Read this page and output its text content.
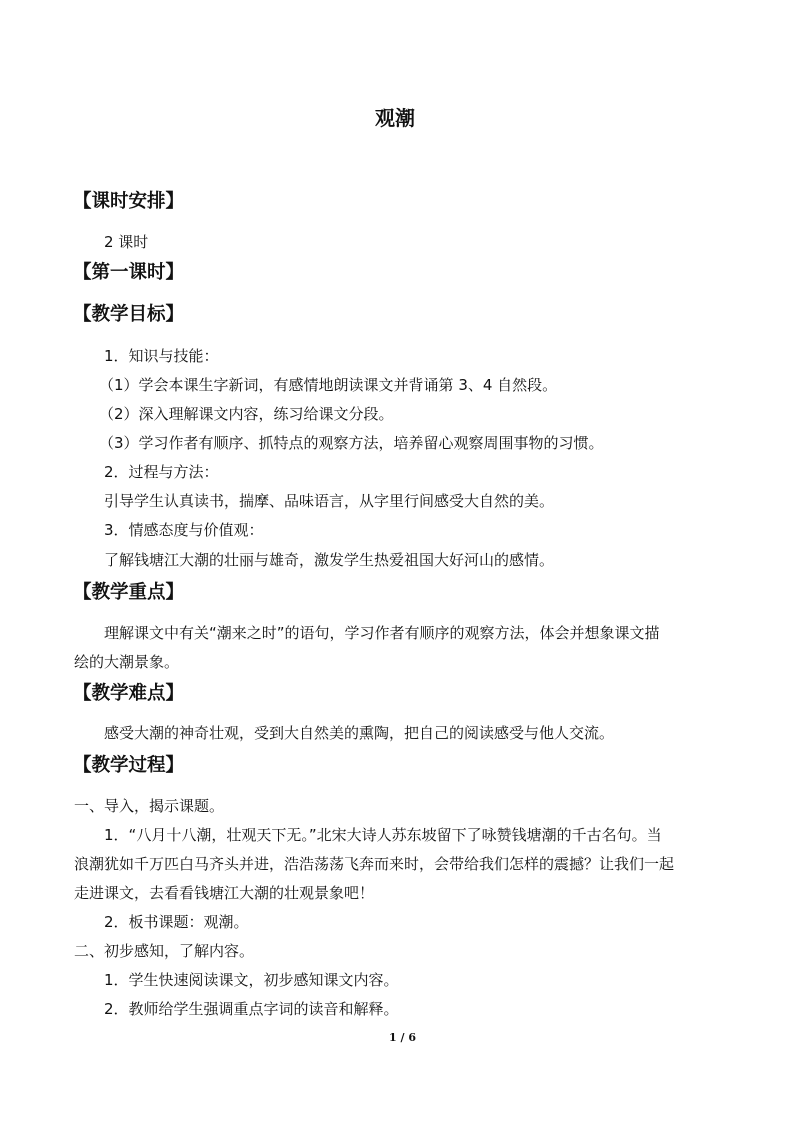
观潮
【课时安排】
2 课时
【第一课时】
【教学目标】
1．知识与技能：
（1）学会本课生字新词，有感情地朗读课文并背诵第 3、4 自然段。
（2）深入理解课文内容，练习给课文分段。
（3）学习作者有顺序、抓特点的观察方法，培养留心观察周围事物的习惯。
2．过程与方法：
引导学生认真读书，揣摩、品味语言，从字里行间感受大自然的美。
3．情感态度与价值观：
了解钱塘江大潮的壮丽与雄奇，激发学生热爱祖国大好河山的感情。
【教学重点】
理解课文中有关“潮来之时”的语句，学习作者有顺序的观察方法，体会并想象课文描
绘的大潮景象。
【教学难点】
感受大潮的神奇壮观，受到大自然美的熏陶，把自己的阅读感受与他人交流。
【教学过程】
一、导入，揭示课题。
1．“八月十八潮，壮观天下无。”北宋大诗人苏东坡留下了咏赞钱塘潮的千古名句。当
浪潮犹如千万匹白马齐头并进，浩浩荡荡飞奔而来时，会带给我们怎样的震撼？让我们一起
走进课文，去看看钱塘江大潮的壮观景象吧！
2．板书课题：观潮。
二、初步感知，了解内容。
1．学生快速阅读课文，初步感知课文内容。
2．教师给学生强调重点字词的读音和解释。
1 / 6
